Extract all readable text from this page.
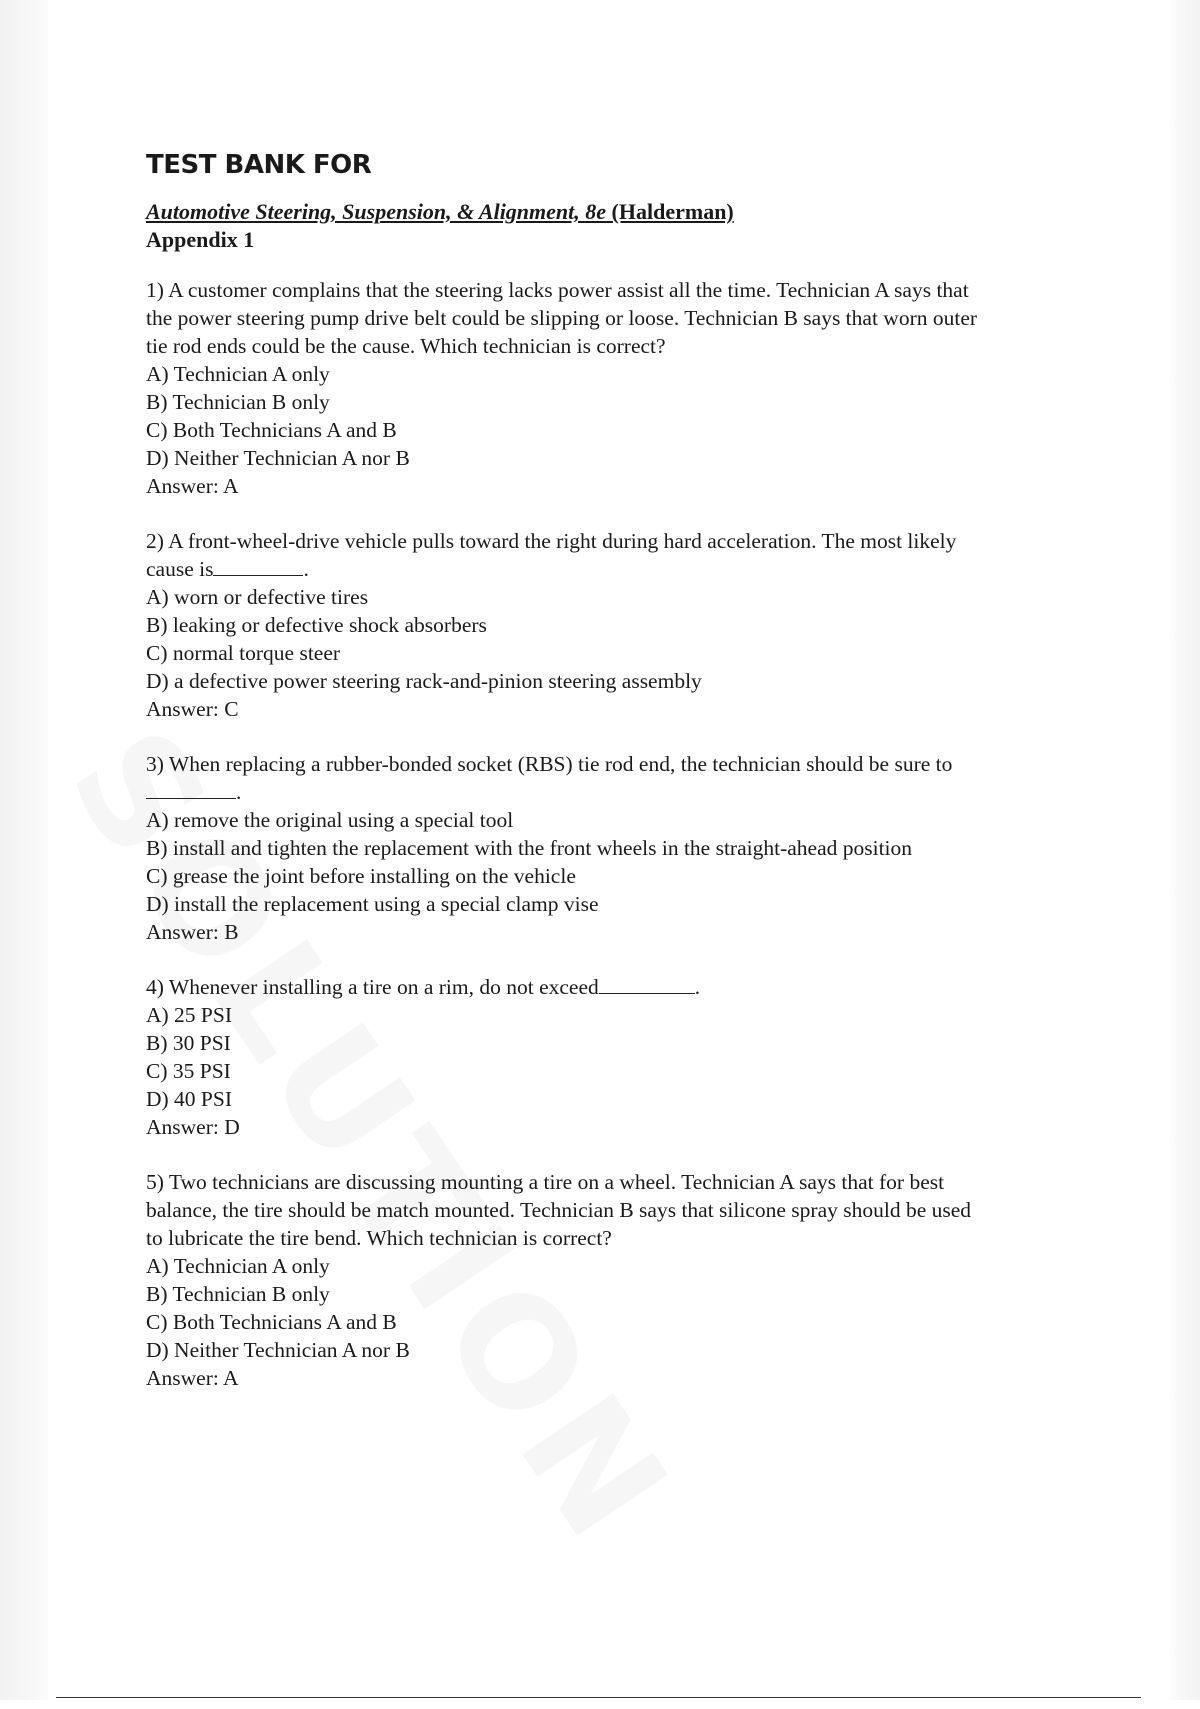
TEST BANK FOR
Automotive Steering, Suspension, & Alignment, 8e (Halderman)
Appendix 1
1) A customer complains that the steering lacks power assist all the time. Technician A says that
the power steering pump drive belt could be slipping or loose. Technician B says that worn outer
tie rod ends could be the cause. Which technician is correct?
A) Technician A only
B) Technician B only
C) Both Technicians A and B
D) Neither Technician A nor B
Answer: A
2) A front-wheel-drive vehicle pulls toward the right during hard acceleration. The most likely
cause is	.
A) worn or defective tires
B) leaking or defective shock absorbers
C) normal torque steer
D) a defective power steering rack-and-pinion steering assembly
Answer: C
3) When replacing a rubber-bonded socket (RBS) tie rod end, the technician should be sure to
.
A) remove the original using a special tool
B) install and tighten the replacement with the front wheels in the straight-ahead position
C) grease the joint before installing on the vehicle
D) install the replacement using a special clamp vise
Answer: B
4) Whenever installing a tire on a rim, do not exceed	.
A) 25 PSI
B) 30 PSI
C) 35 PSI
D) 40 PSI
Answer: D
5) Two technicians are discussing mounting a tire on a wheel. Technician A says that for best
balance, the tire should be match mounted. Technician B says that silicone spray should be used
to lubricate the tire bend. Which technician is correct?
A) Technician A only
B) Technician B only
C) Both Technicians A and B
D) Neither Technician A nor B
Answer: A
